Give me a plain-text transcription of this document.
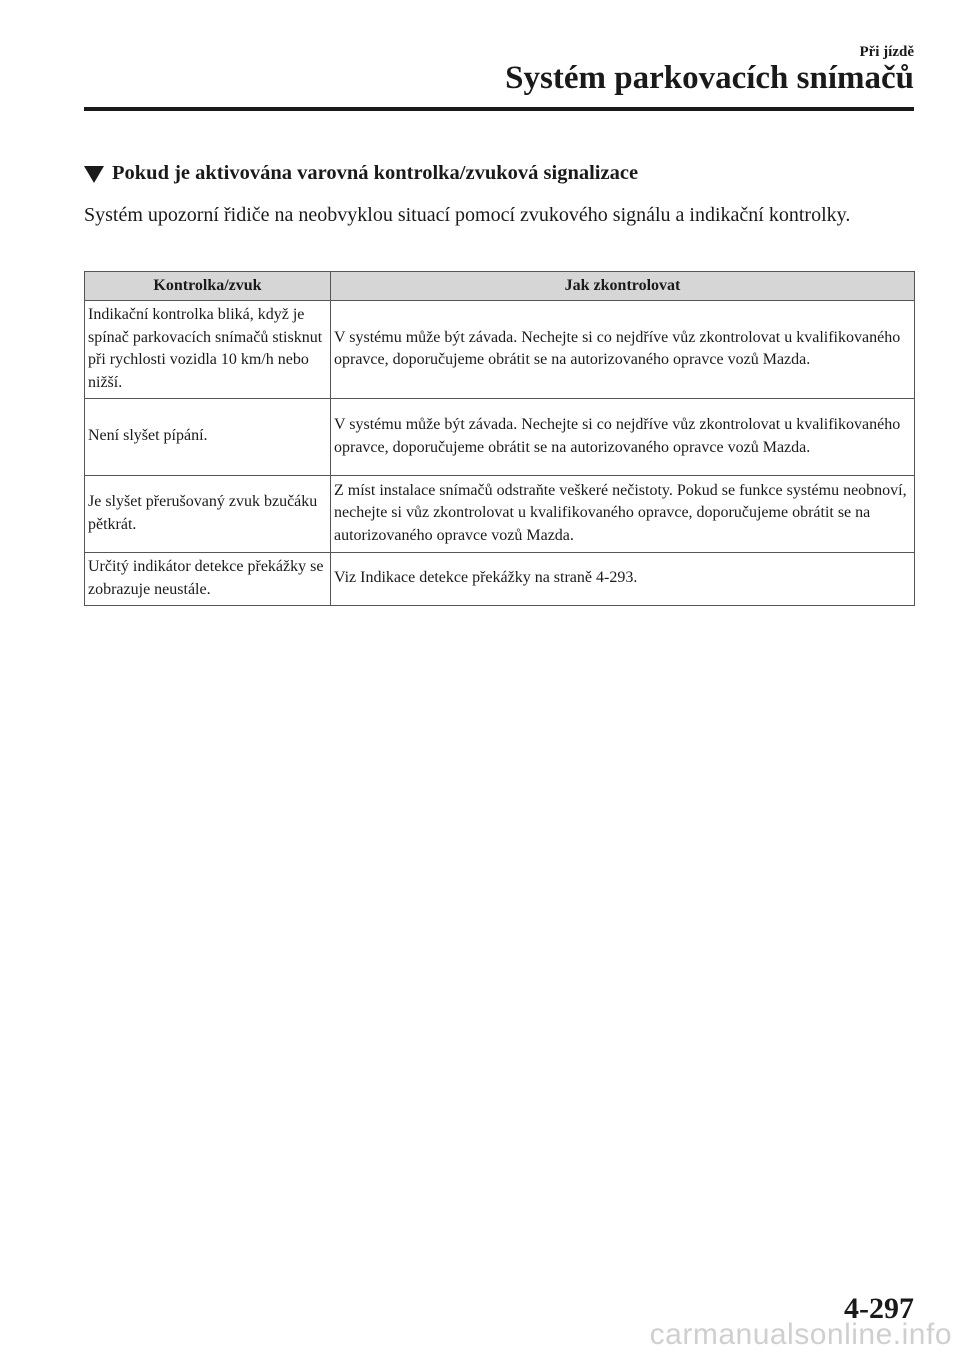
Při jízdě
Systém parkovacích snímačů
Pokud je aktivována varovná kontrolka/zvuková signalizace
Systém upozorní řidiče na neobvyklou situací pomocí zvukového signálu a indikační kontrolky.
Kontrolka/zvuk	Jak zkontrolovat
Indikační kontrolka bliká, když je spínač parkovacích snímačů stisknut při rychlosti vozidla 10 km/h nebo nižší.	V systému může být závada. Nechejte si co nejdříve vůz zkontrolovat u kvalifikovaného opravce, doporučujeme obrátit se na autorizovaného opravce vozů Mazda.
Není slyšet pípání.	V systému může být závada. Nechejte si co nejdříve vůz zkontrolovat u kvalifikovaného opravce, doporučujeme obrátit se na autorizovaného opravce vozů Mazda.
Je slyšet přerušovaný zvuk bzučáku pětkrát.	Z míst instalace snímačů odstraňte veškeré nečistoty. Pokud se funkce systému neobnoví, nechejte si vůz zkontrolovat u kvalifikovaného opravce, doporučujeme obrátit se na autorizovaného opravce vozů Mazda.
Určitý indikátor detekce překážky se zobrazuje neustále.	Viz Indikace detekce překážky na straně 4-293.
4-297
carmanualsonline.info
